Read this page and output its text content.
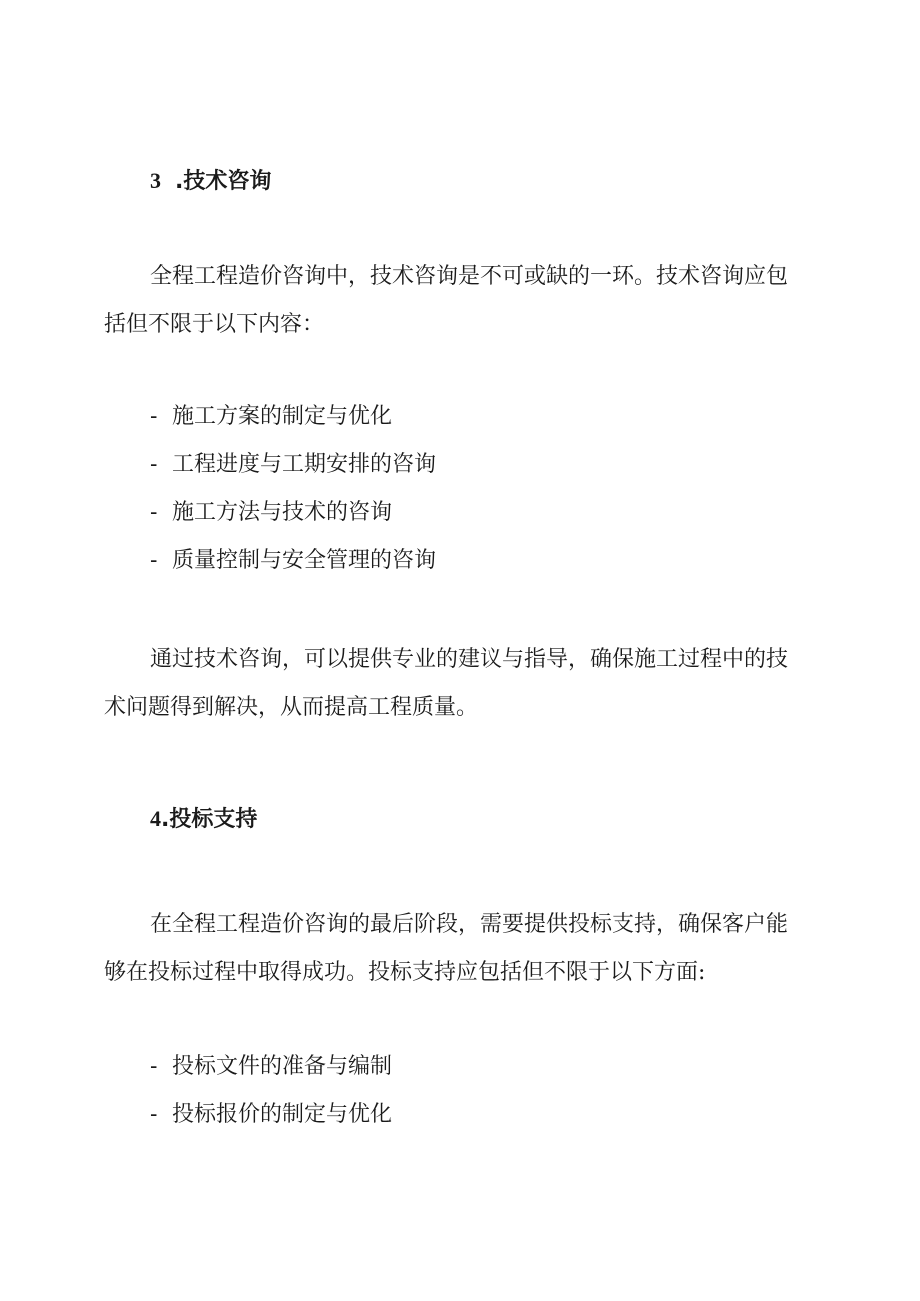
3 .技术咨询

全程工程造价咨询中，技术咨询是不可或缺的一环。技术咨询应包
括但不限于以下内容：

- 施工方案的制定与优化
- 工程进度与工期安排的咨询
- 施工方法与技术的咨询
- 质量控制与安全管理的咨询

通过技术咨询，可以提供专业的建议与指导，确保施工过程中的技
术问题得到解决，从而提高工程质量。

4.投标支持

在全程工程造价咨询的最后阶段，需要提供投标支持，确保客户能
够在投标过程中取得成功。投标支持应包括但不限于以下方面:

- 投标文件的准备与编制
- 投标报价的制定与优化
